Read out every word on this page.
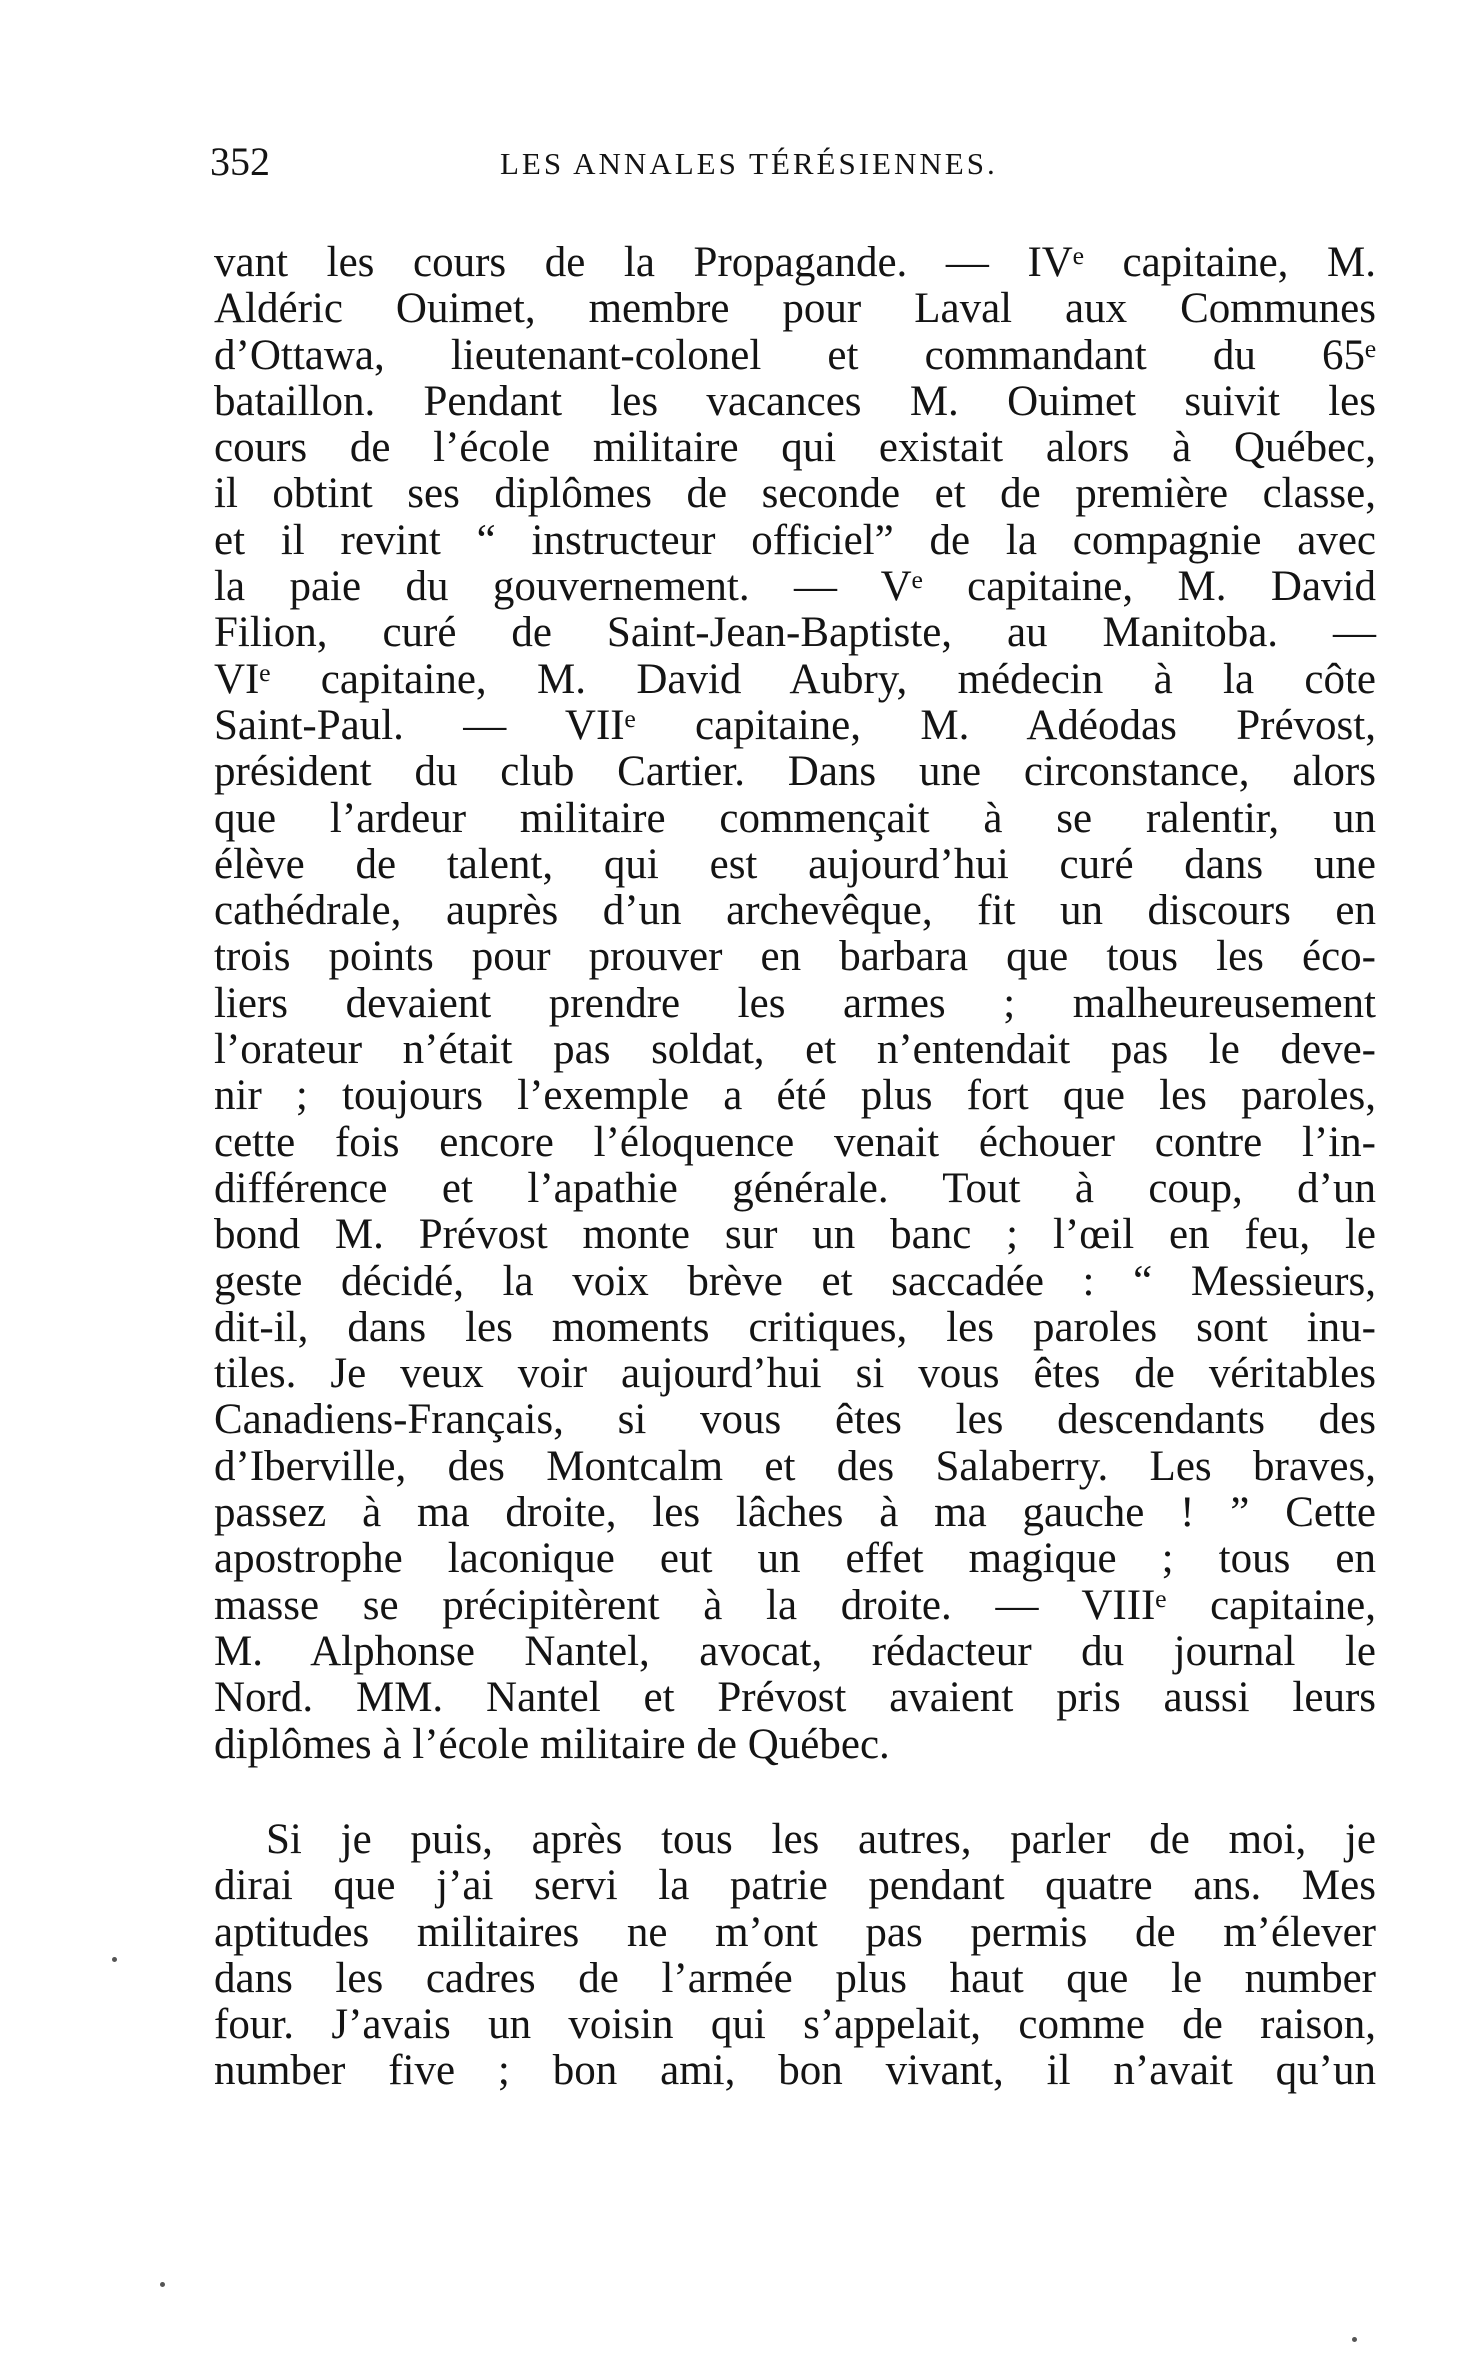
352	LES ANNALES TÉRÉSIENNES.
vant les cours de la Propagande. — IVᵉ capitaine, M.
Aldéric Ouimet, membre pour Laval aux Communes
d’Ottawa, lieutenant-colonel et commandant du 65ᵉ
bataillon. Pendant les vacances M. Ouimet suivit les
cours de l’école militaire qui existait alors à Québec,
il obtint ses diplômes de seconde et de première classe,
et il revint “ instructeur officiel” de la compagnie avec
la paie du gouvernement. — Vᵉ capitaine, M. David
Filion, curé de Saint-Jean-Baptiste, au Manitoba. —
VIᵉ capitaine, M. David Aubry, médecin à la côte
Saint-Paul. — VIIᵉ capitaine, M. Adéodas Prévost,
président du club Cartier. Dans une circonstance, alors
que l’ardeur militaire commençait à se ralentir, un
élève de talent, qui est aujourd’hui curé dans une
cathédrale, auprès d’un archevêque, fit un discours en
trois points pour prouver en barbara que tous les éco-
liers devaient prendre les armes ; malheureusement
l’orateur n’était pas soldat, et n’entendait pas le deve-
nir ; toujours l’exemple a été plus fort que les paroles,
cette fois encore l’éloquence venait échouer contre l’in-
différence et l’apathie générale. Tout à coup, d’un
bond M. Prévost monte sur un banc ; l’œil en feu, le
geste décidé, la voix brève et saccadée : “ Messieurs,
dit-il, dans les moments critiques, les paroles sont inu-
tiles. Je veux voir aujourd’hui si vous êtes de véritables
Canadiens-Français, si vous êtes les descendants des
d’Iberville, des Montcalm et des Salaberry. Les braves,
passez à ma droite, les lâches à ma gauche ! ” Cette
apostrophe laconique eut un effet magique ; tous en
masse se précipitèrent à la droite. — VIIIᵉ capitaine,
M. Alphonse Nantel, avocat, rédacteur du journal le
Nord. MM. Nantel et Prévost avaient pris aussi leurs
diplômes à l’école militaire de Québec.
Si je puis, après tous les autres, parler de moi, je
dirai que j’ai servi la patrie pendant quatre ans. Mes
aptitudes militaires ne m’ont pas permis de m’élever
dans les cadres de l’armée plus haut que le number
four. J’avais un voisin qui s’appelait, comme de raison,
number five ; bon ami, bon vivant, il n’avait qu’un
